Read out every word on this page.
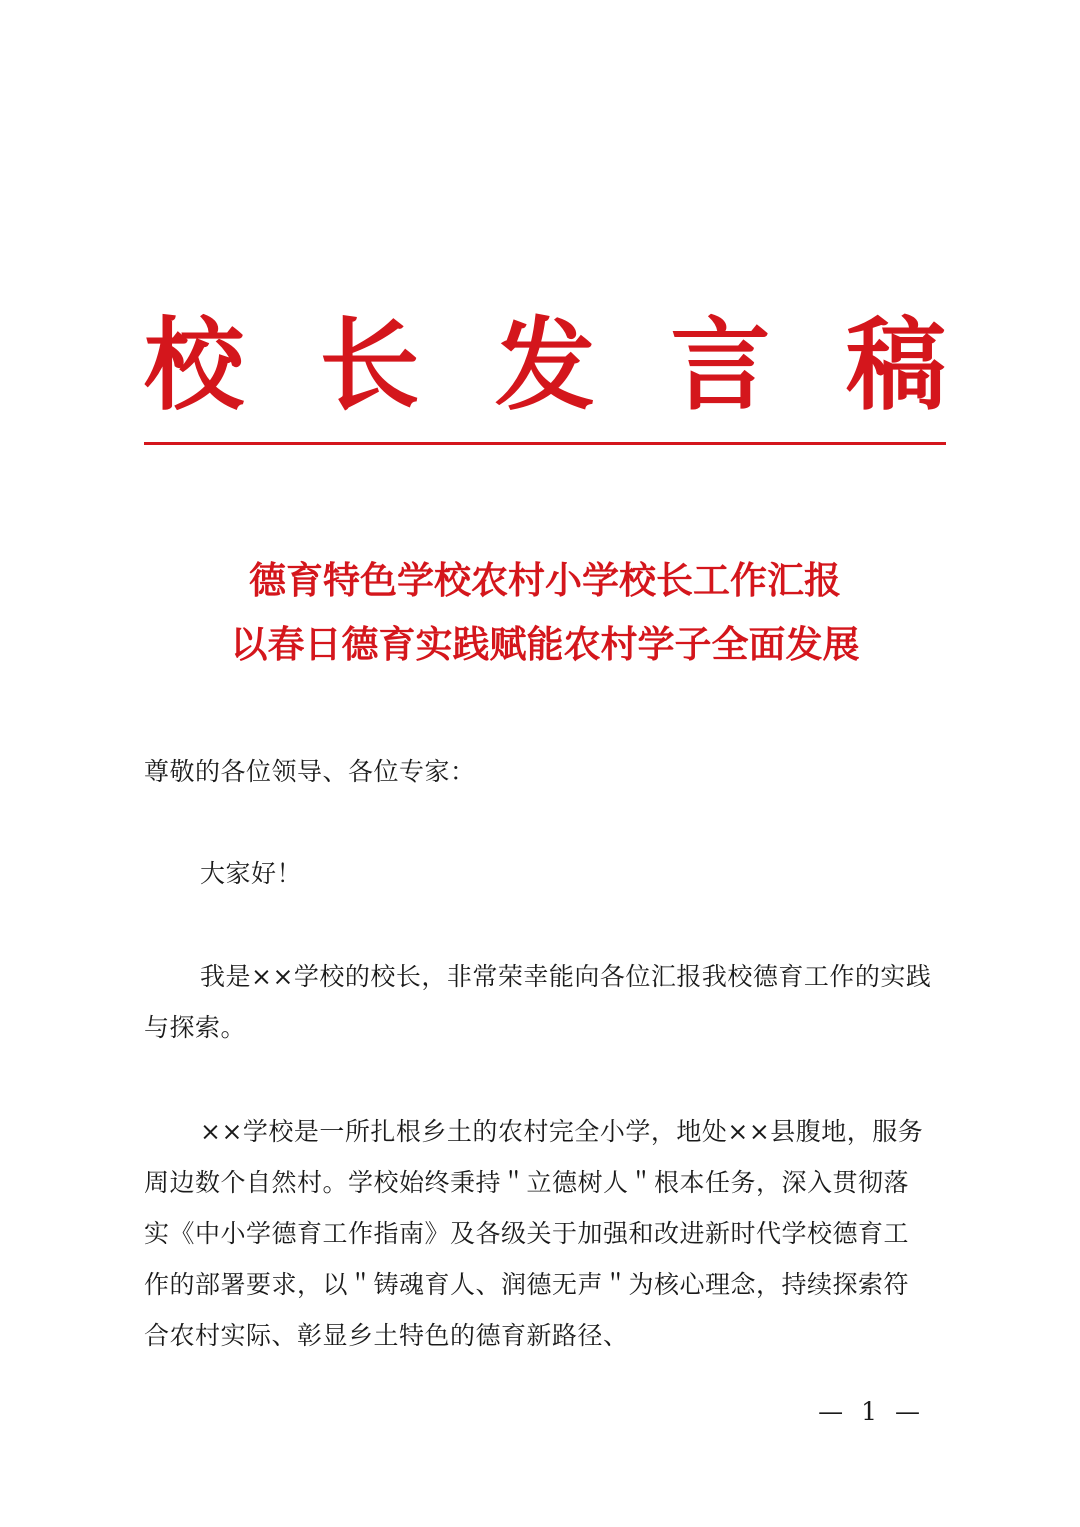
校 长 发 言 稿
德育特色学校农村小学校长工作汇报
以春日德育实践赋能农村学子全面发展

尊敬的各位领导、各位专家：

大家好！

我是××学校的校长，非常荣幸能向各位汇报我校德育工作的实践与探索。

××学校是一所扎根乡土的农村完全小学，地处××县腹地，服务周边数个自然村。学校始终秉持＂立德树人＂根本任务，深入贯彻落实《中小学德育工作指南》及各级关于加强和改进新时代学校德育工作的部署要求，以＂铸魂育人、润德无声＂为核心理念，持续探索符合农村实际、彰显乡土特色的德育新路径、

— 1 —
